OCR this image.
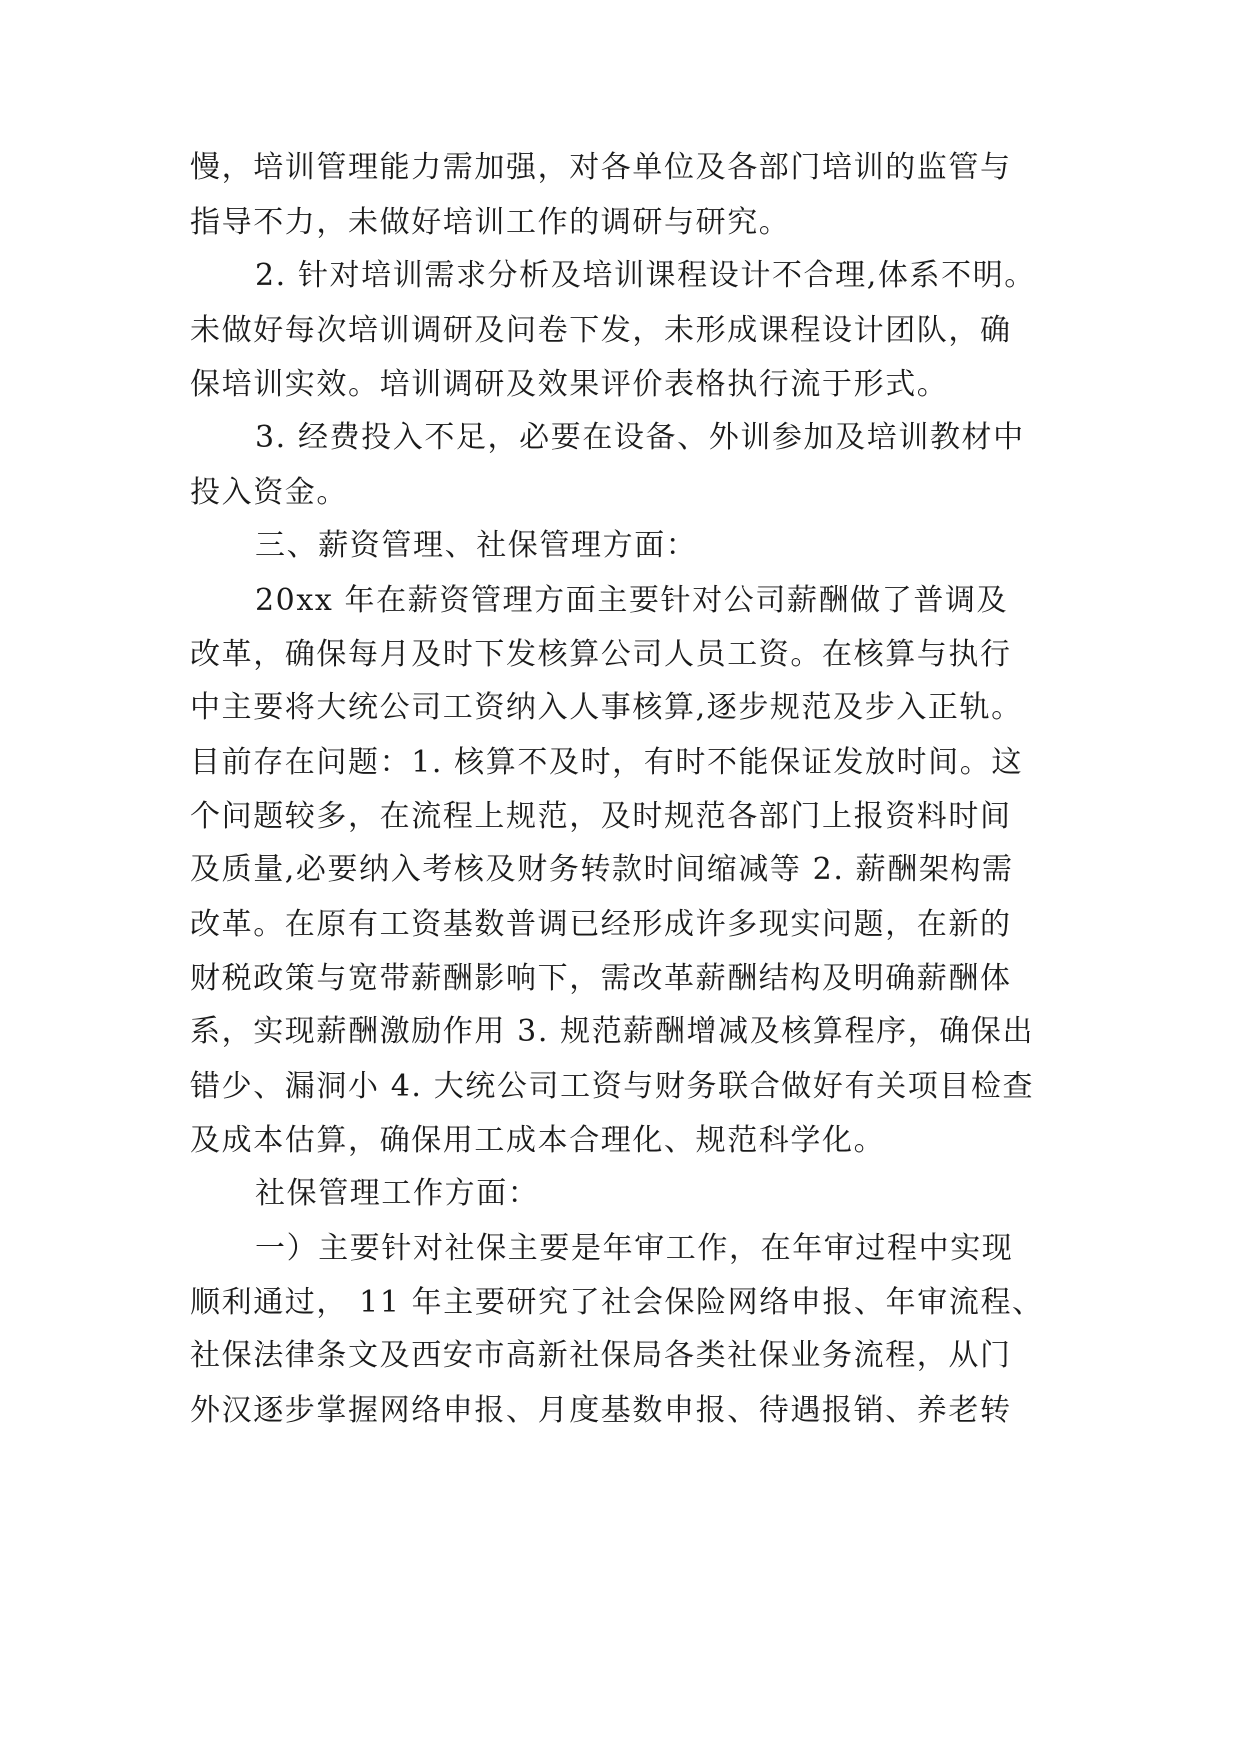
慢，培训管理能力需加强，对各单位及各部门培训的监管与
指导不力，未做好培训工作的调研与研究。
2. 针对培训需求分析及培训课程设计不合理,体系不明。
未做好每次培训调研及问卷下发，未形成课程设计团队，确
保培训实效。培训调研及效果评价表格执行流于形式。
3. 经费投入不足，必要在设备、外训参加及培训教材中
投入资金。
三、薪资管理、社保管理方面：
20xx 年在薪资管理方面主要针对公司薪酬做了普调及
改革，确保每月及时下发核算公司人员工资。在核算与执行
中主要将大统公司工资纳入人事核算,逐步规范及步入正轨。
目前存在问题：1. 核算不及时，有时不能保证发放时间。这
个问题较多，在流程上规范，及时规范各部门上报资料时间
及质量,必要纳入考核及财务转款时间缩减等 2. 薪酬架构需
改革。在原有工资基数普调已经形成许多现实问题，在新的
财税政策与宽带薪酬影响下，需改革薪酬结构及明确薪酬体
系，实现薪酬激励作用 3. 规范薪酬增减及核算程序，确保出
错少、漏洞小 4. 大统公司工资与财务联合做好有关项目检查
及成本估算，确保用工成本合理化、规范科学化。
社保管理工作方面：
一）主要针对社保主要是年审工作，在年审过程中实现
顺利通过， 11 年主要研究了社会保险网络申报、年审流程、
社保法律条文及西安市高新社保局各类社保业务流程，从门
外汉逐步掌握网络申报、月度基数申报、待遇报销、养老转
